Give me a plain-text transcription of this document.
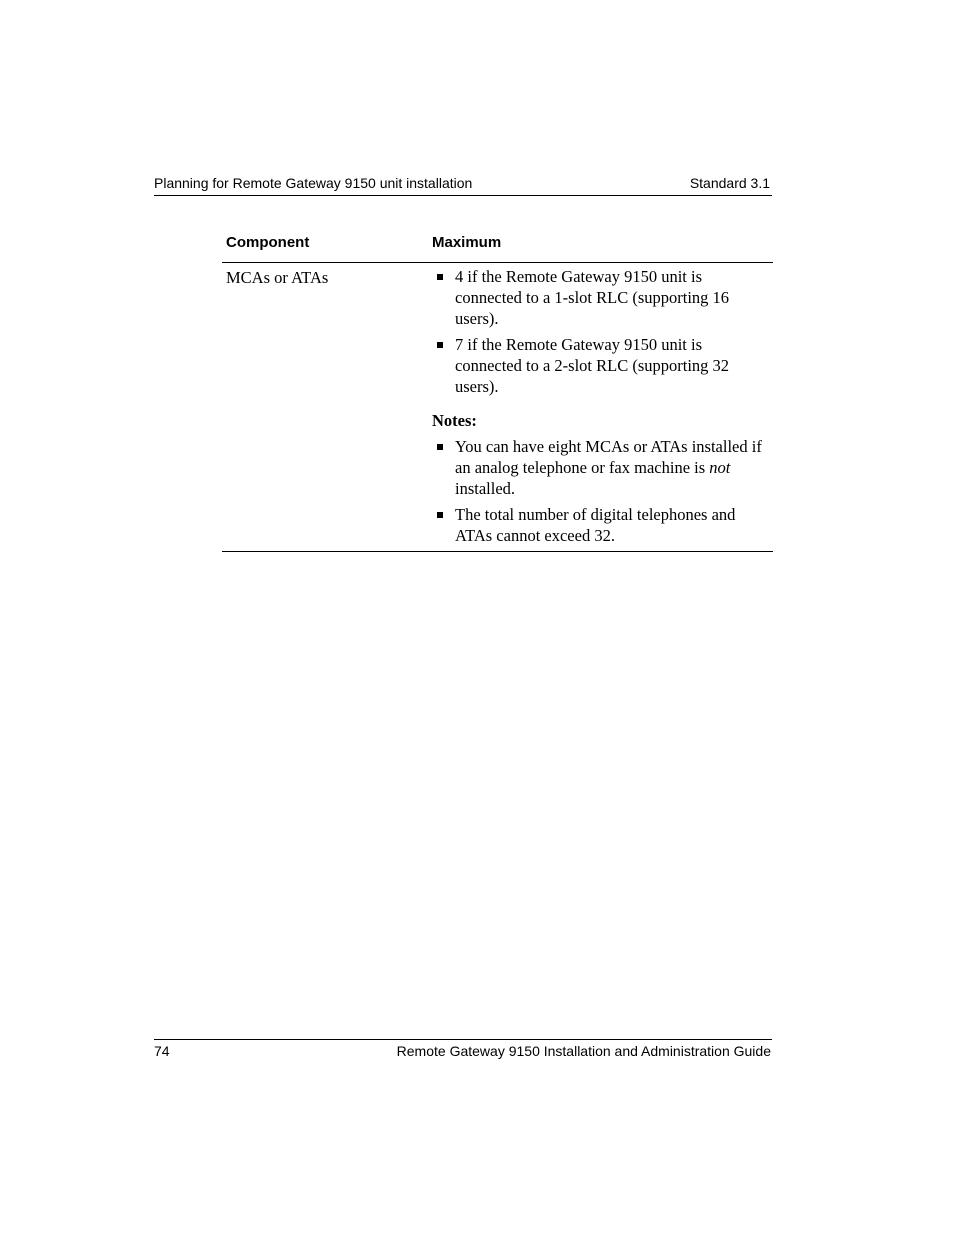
Planning for Remote Gateway 9150 unit installation	Standard 3.1
Component	Maximum
MCAs or ATAs	4 if the Remote Gateway 9150 unit is connected to a 1-slot RLC (supporting 16 users).
7 if the Remote Gateway 9150 unit is connected to a 2-slot RLC (supporting 32 users).
Notes:
You can have eight MCAs or ATAs installed if an analog telephone or fax machine is not installed.
The total number of digital telephones and ATAs cannot exceed 32.
74	Remote Gateway 9150 Installation and Administration Guide
